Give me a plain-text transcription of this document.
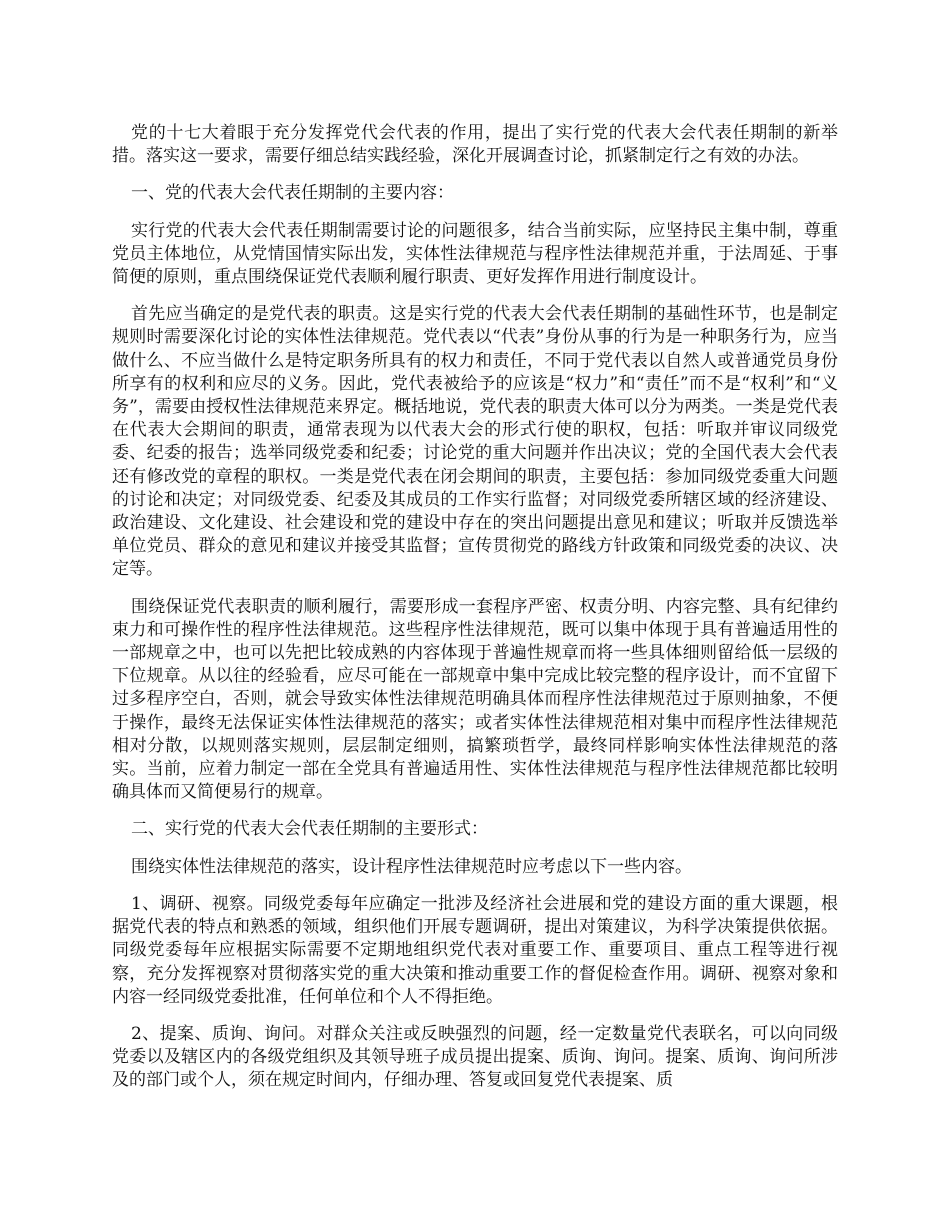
党的十七大着眼于充分发挥党代会代表的作用，提出了实行党的代表大会代表任期制的新举措。落实这一要求，需要仔细总结实践经验，深化开展调查讨论，抓紧制定行之有效的办法。

一、党的代表大会代表任期制的主要内容：

实行党的代表大会代表任期制需要讨论的问题很多，结合当前实际，应坚持民主集中制，尊重党员主体地位，从党情国情实际出发，实体性法律规范与程序性法律规范并重，于法周延、于事简便的原则，重点围绕保证党代表顺利履行职责、更好发挥作用进行制度设计。

首先应当确定的是党代表的职责。这是实行党的代表大会代表任期制的基础性环节，也是制定规则时需要深化讨论的实体性法律规范。党代表以“代表”身份从事的行为是一种职务行为，应当做什么、不应当做什么是特定职务所具有的权力和责任，不同于党代表以自然人或普通党员身份所享有的权利和应尽的义务。因此，党代表被给予的应该是“权力”和“责任”而不是“权利”和“义务”，需要由授权性法律规范来界定。概括地说，党代表的职责大体可以分为两类。一类是党代表在代表大会期间的职责，通常表现为以代表大会的形式行使的职权，包括：听取并审议同级党委、纪委的报告；选举同级党委和纪委；讨论党的重大问题并作出决议；党的全国代表大会代表还有修改党的章程的职权。一类是党代表在闭会期间的职责，主要包括：参加同级党委重大问题的讨论和决定；对同级党委、纪委及其成员的工作实行监督；对同级党委所辖区域的经济建设、政治建设、文化建设、社会建设和党的建设中存在的突出问题提出意见和建议；听取并反馈选举单位党员、群众的意见和建议并接受其监督；宣传贯彻党的路线方针政策和同级党委的决议、决定等。

围绕保证党代表职责的顺利履行，需要形成一套程序严密、权责分明、内容完整、具有纪律约束力和可操作性的程序性法律规范。这些程序性法律规范，既可以集中体现于具有普遍适用性的一部规章之中，也可以先把比较成熟的内容体现于普遍性规章而将一些具体细则留给低一层级的下位规章。从以往的经验看，应尽可能在一部规章中集中完成比较完整的程序设计，而不宜留下过多程序空白，否则，就会导致实体性法律规范明确具体而程序性法律规范过于原则抽象，不便于操作，最终无法保证实体性法律规范的落实；或者实体性法律规范相对集中而程序性法律规范相对分散，以规则落实规则，层层制定细则，搞繁琐哲学，最终同样影响实体性法律规范的落实。当前，应着力制定一部在全党具有普遍适用性、实体性法律规范与程序性法律规范都比较明确具体而又简便易行的规章。

二、实行党的代表大会代表任期制的主要形式：

围绕实体性法律规范的落实，设计程序性法律规范时应考虑以下一些内容。

1、调研、视察。同级党委每年应确定一批涉及经济社会进展和党的建设方面的重大课题，根据党代表的特点和熟悉的领域，组织他们开展专题调研，提出对策建议，为科学决策提供依据。同级党委每年应根据实际需要不定期地组织党代表对重要工作、重要项目、重点工程等进行视察，充分发挥视察对贯彻落实党的重大决策和推动重要工作的督促检查作用。调研、视察对象和内容一经同级党委批准，任何单位和个人不得拒绝。

2、提案、质询、询问。对群众关注或反映强烈的问题，经一定数量党代表联名，可以向同级党委以及辖区内的各级党组织及其领导班子成员提出提案、质询、询问。提案、质询、询问所涉及的部门或个人，须在规定时间内，仔细办理、答复或回复党代表提案、质
